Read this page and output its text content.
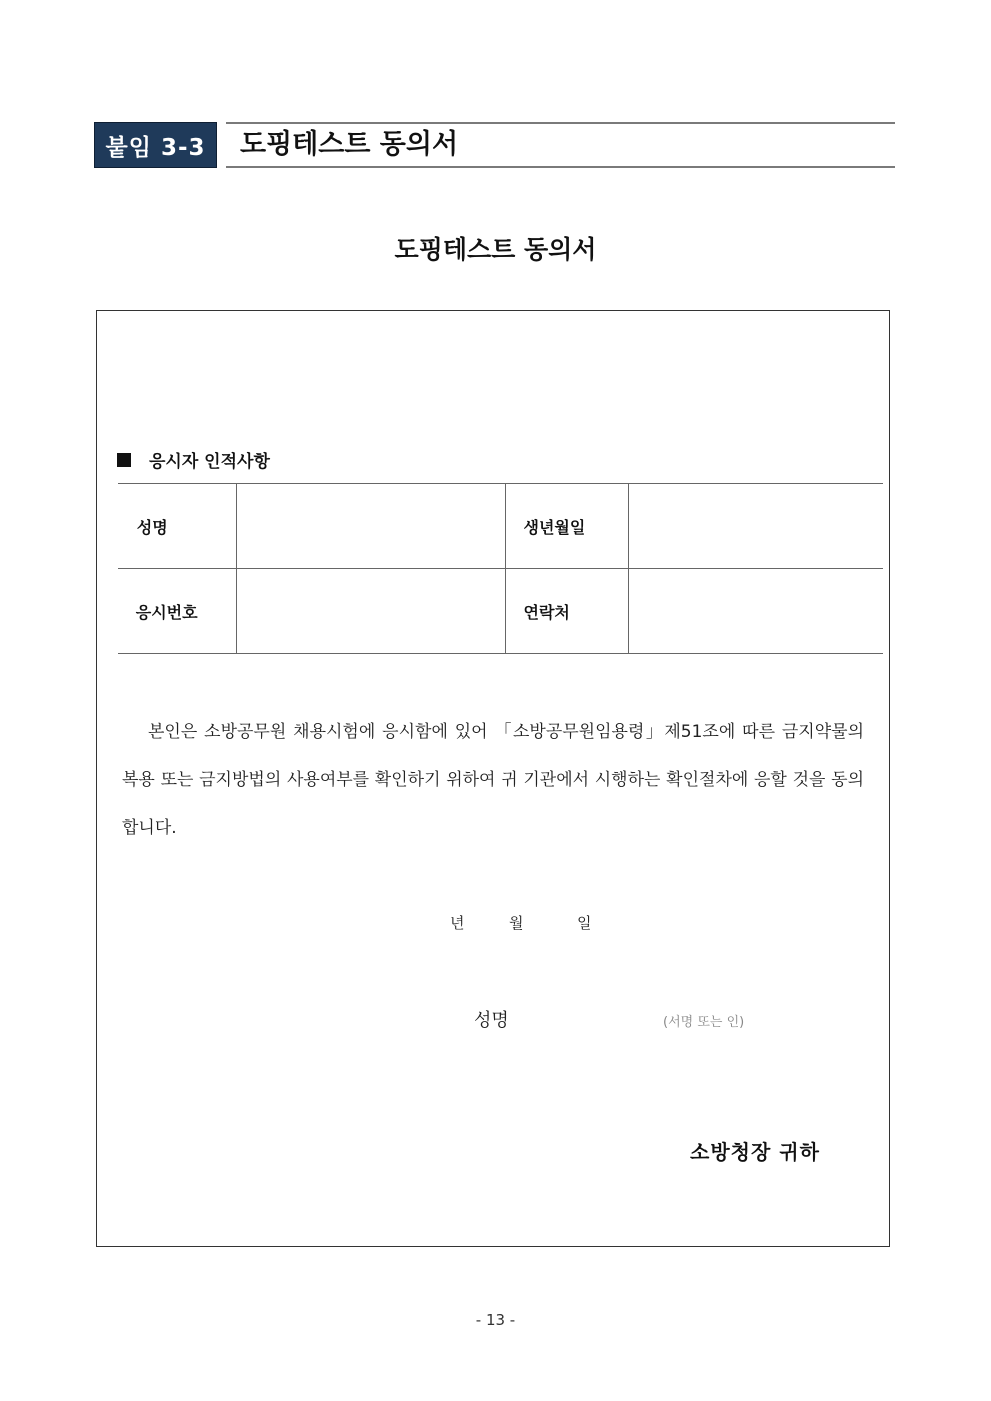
붙임 3-3	도핑테스트 동의서
도핑테스트 동의서
응시자 인적사항
성명		생년월일	
응시번호		연락처	

본인은 소방공무원 채용시험에 응시함에 있어 「소방공무원임용령」제51조에 따른 금지약물의 복용 또는 금지방법의 사용여부를 확인하기 위하여 귀 기관에서 시행하는 확인절차에 응할 것을 동의합니다.

년	월	일
성명	(서명 또는 인)
소방청장 귀하
- 13 -
